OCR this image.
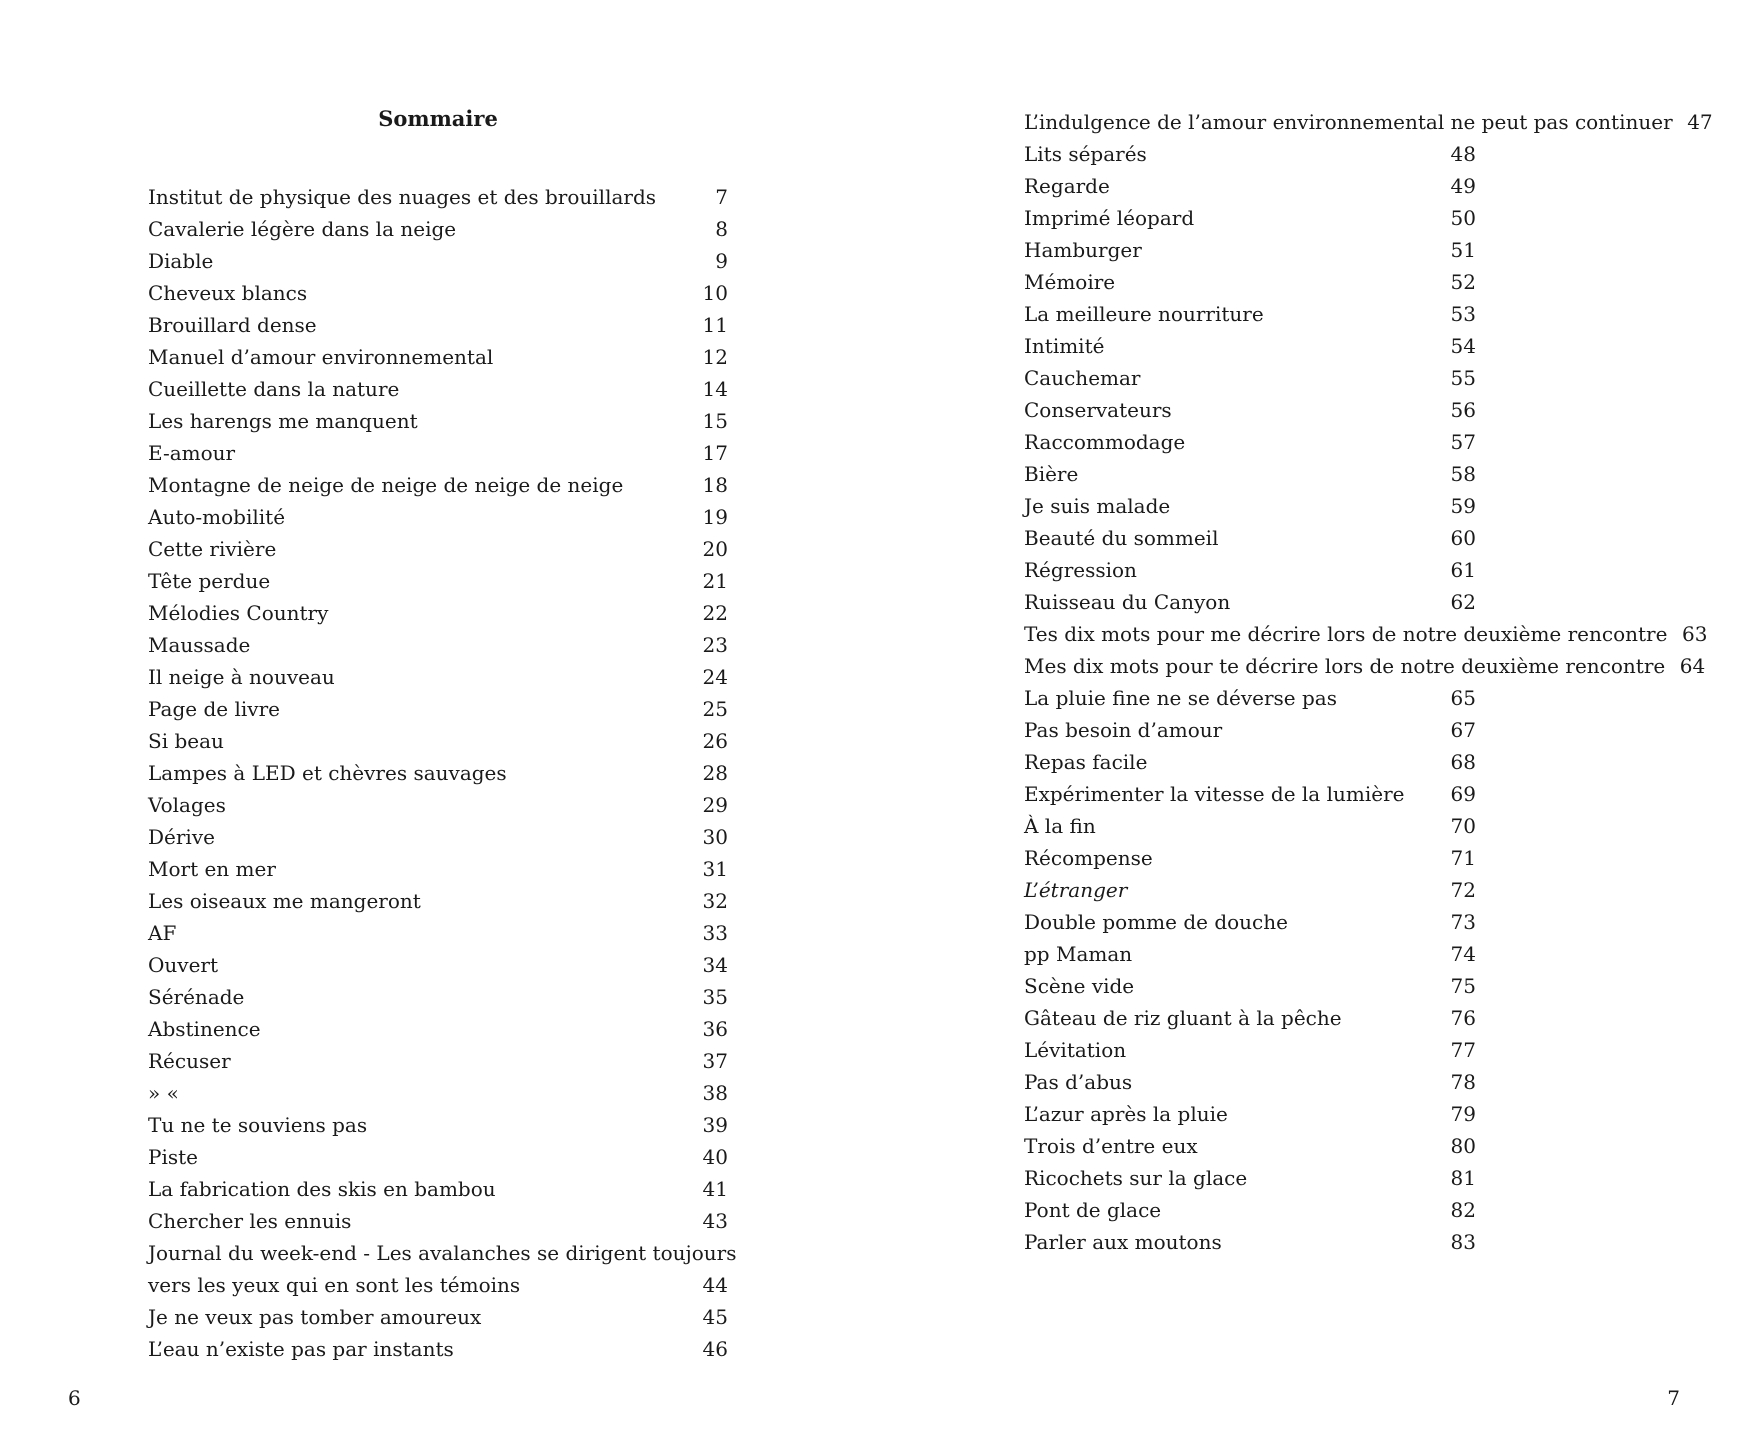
Sommaire
Institut de physique des nuages et des brouillards	7
Cavalerie légère dans la neige	8
Diable	9
Cheveux blancs	10
Brouillard dense	11
Manuel d’amour environnemental	12
Cueillette dans la nature	14
Les harengs me manquent	15
E-amour	17
Montagne de neige de neige de neige de neige	18
Auto-mobilité	19
Cette rivière	20
Tête perdue	21
Mélodies Country	22
Maussade	23
Il neige à nouveau	24
Page de livre	25
Si beau	26
Lampes à LED et chèvres sauvages	28
Volages	29
Dérive	30
Mort en mer	31
Les oiseaux me mangeront	32
AF	33
Ouvert	34
Sérénade	35
Abstinence	36
Récuser	37
» «	38
Tu ne te souviens pas	39
Piste	40
La fabrication des skis en bambou	41
Chercher les ennuis	43
Journal du week-end - Les avalanches se dirigent toujours
vers les yeux qui en sont les témoins	44
Je ne veux pas tomber amoureux	45
L’eau n’existe pas par instants	46
6
L’indulgence de l’amour environnemental ne peut pas continuer 47
Lits séparés	48
Regarde	49
Imprimé léopard	50
Hamburger	51
Mémoire	52
La meilleure nourriture	53
Intimité	54
Cauchemar	55
Conservateurs	56
Raccommodage	57
Bière	58
Je suis malade	59
Beauté du sommeil	60
Régression	61
Ruisseau du Canyon	62
Tes dix mots pour me décrire lors de notre deuxième rencontre 63
Mes dix mots pour te décrire lors de notre deuxième rencontre 64
La pluie fine ne se déverse pas	65
Pas besoin d’amour	67
Repas facile	68
Expérimenter la vitesse de la lumière	69
À la fin	70
Récompense	71
L’étranger	72
Double pomme de douche	73
pp Maman	74
Scène vide	75
Gâteau de riz gluant à la pêche	76
Lévitation	77
Pas d’abus	78
L’azur après la pluie	79
Trois d’entre eux	80
Ricochets sur la glace	81
Pont de glace	82
Parler aux moutons	83
7
